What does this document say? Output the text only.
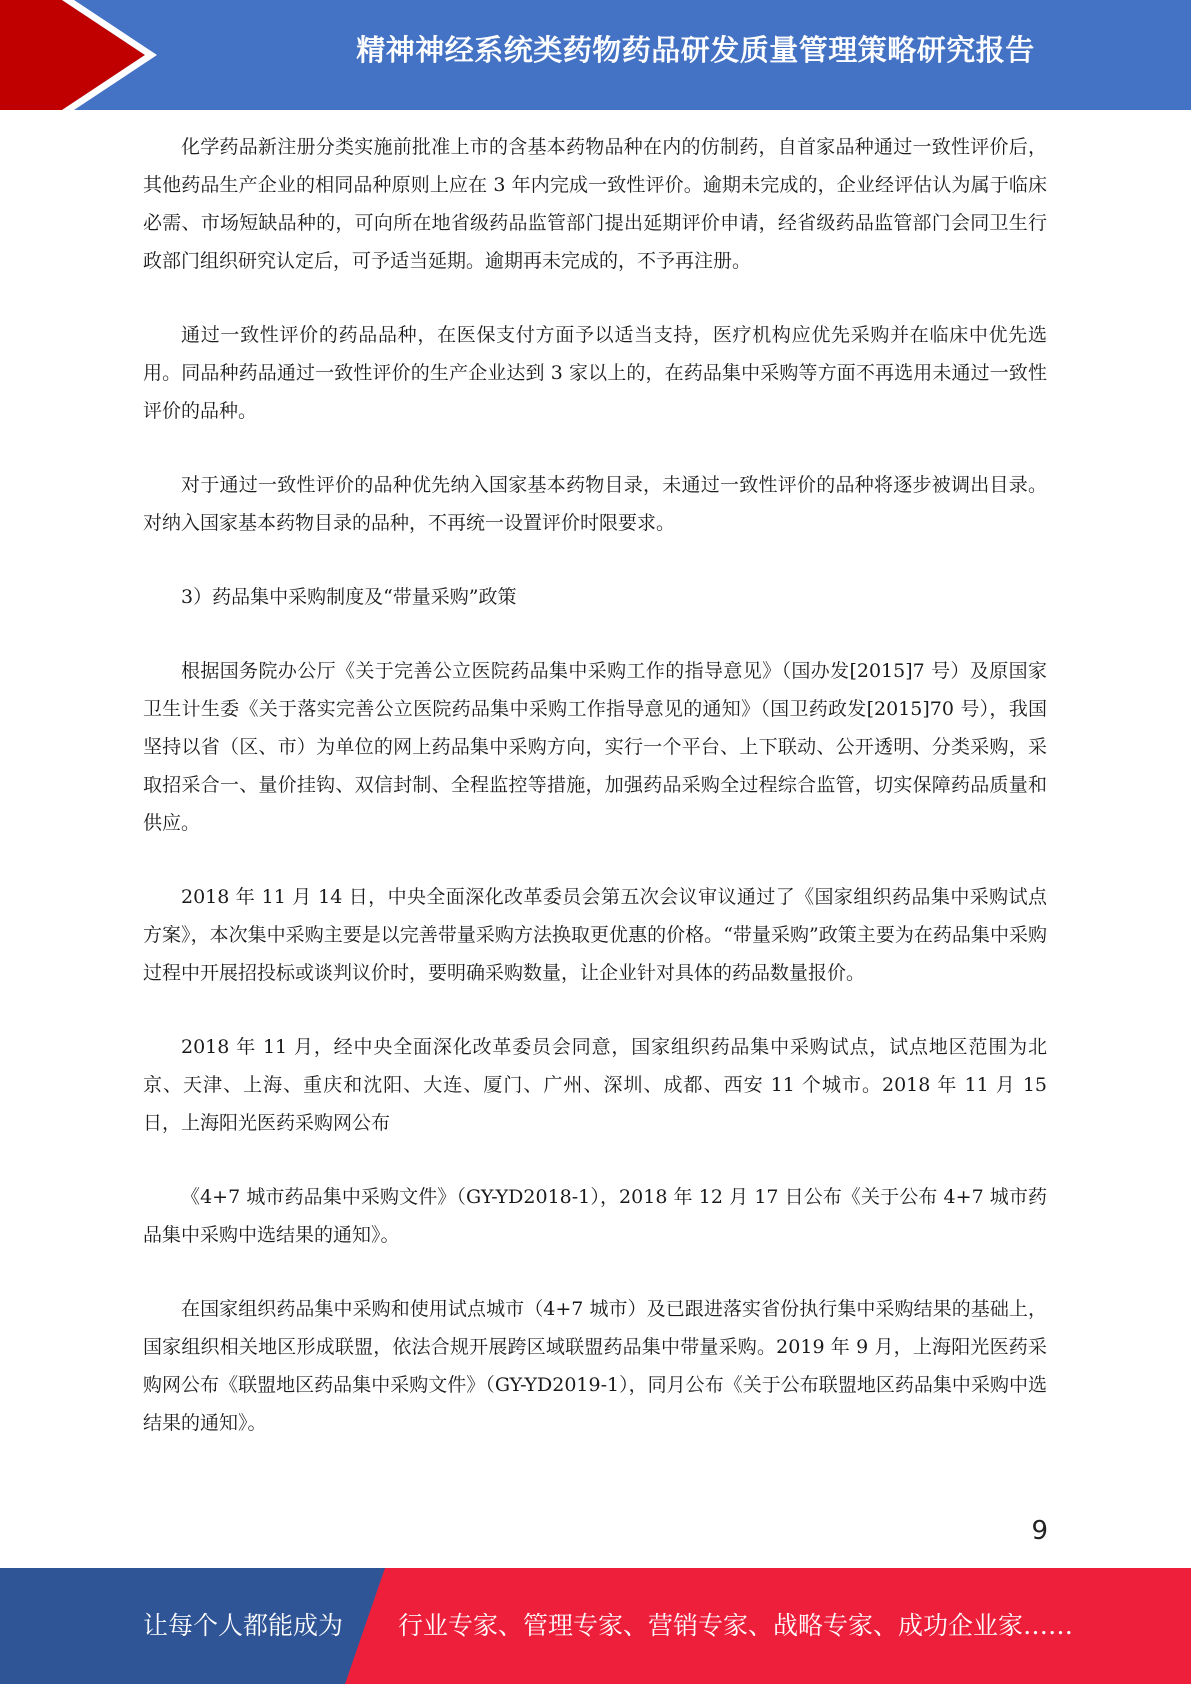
精神神经系统类药物药品研发质量管理策略研究报告

化学药品新注册分类实施前批准上市的含基本药物品种在内的仿制药，自首家品种通过一致性评价后，其他药品生产企业的相同品种原则上应在 3 年内完成一致性评价。逾期未完成的，企业经评估认为属于临床必需、市场短缺品种的，可向所在地省级药品监管部门提出延期评价申请，经省级药品监管部门会同卫生行政部门组织研究认定后，可予适当延期。逾期再未完成的，不予再注册。

通过一致性评价的药品品种，在医保支付方面予以适当支持，医疗机构应优先采购并在临床中优先选用。同品种药品通过一致性评价的生产企业达到 3 家以上的，在药品集中采购等方面不再选用未通过一致性评价的品种。

对于通过一致性评价的品种优先纳入国家基本药物目录，未通过一致性评价的品种将逐步被调出目录。对纳入国家基本药物目录的品种，不再统一设置评价时限要求。

3）药品集中采购制度及“带量采购”政策

根据国务院办公厅《关于完善公立医院药品集中采购工作的指导意见》（国办发[2015]7 号）及原国家卫生计生委《关于落实完善公立医院药品集中采购工作指导意见的通知》（国卫药政发[2015]70 号），我国坚持以省（区、市）为单位的网上药品集中采购方向，实行一个平台、上下联动、公开透明、分类采购，采取招采合一、量价挂钩、双信封制、全程监控等措施，加强药品采购全过程综合监管，切实保障药品质量和供应。

2018 年 11 月 14 日，中央全面深化改革委员会第五次会议审议通过了《国家组织药品集中采购试点方案》，本次集中采购主要是以完善带量采购方法换取更优惠的价格。“带量采购”政策主要为在药品集中采购过程中开展招投标或谈判议价时，要明确采购数量，让企业针对具体的药品数量报价。

2018 年 11 月，经中央全面深化改革委员会同意，国家组织药品集中采购试点，试点地区范围为北京、天津、上海、重庆和沈阳、大连、厦门、广州、深圳、成都、西安 11 个城市。2018 年 11 月 15 日，上海阳光医药采购网公布

《4+7 城市药品集中采购文件》（GY-YD2018-1），2018 年 12 月 17 日公布《关于公布 4+7 城市药品集中采购中选结果的通知》。

在国家组织药品集中采购和使用试点城市（4+7 城市）及已跟进落实省份执行集中采购结果的基础上，国家组织相关地区形成联盟，依法合规开展跨区域联盟药品集中带量采购。2019 年 9 月，上海阳光医药采购网公布《联盟地区药品集中采购文件》（GY-YD2019-1），同月公布《关于公布联盟地区药品集中采购中选结果的通知》。

9
让每个人都能成为 行业专家、管理专家、营销专家、战略专家、成功企业家……
